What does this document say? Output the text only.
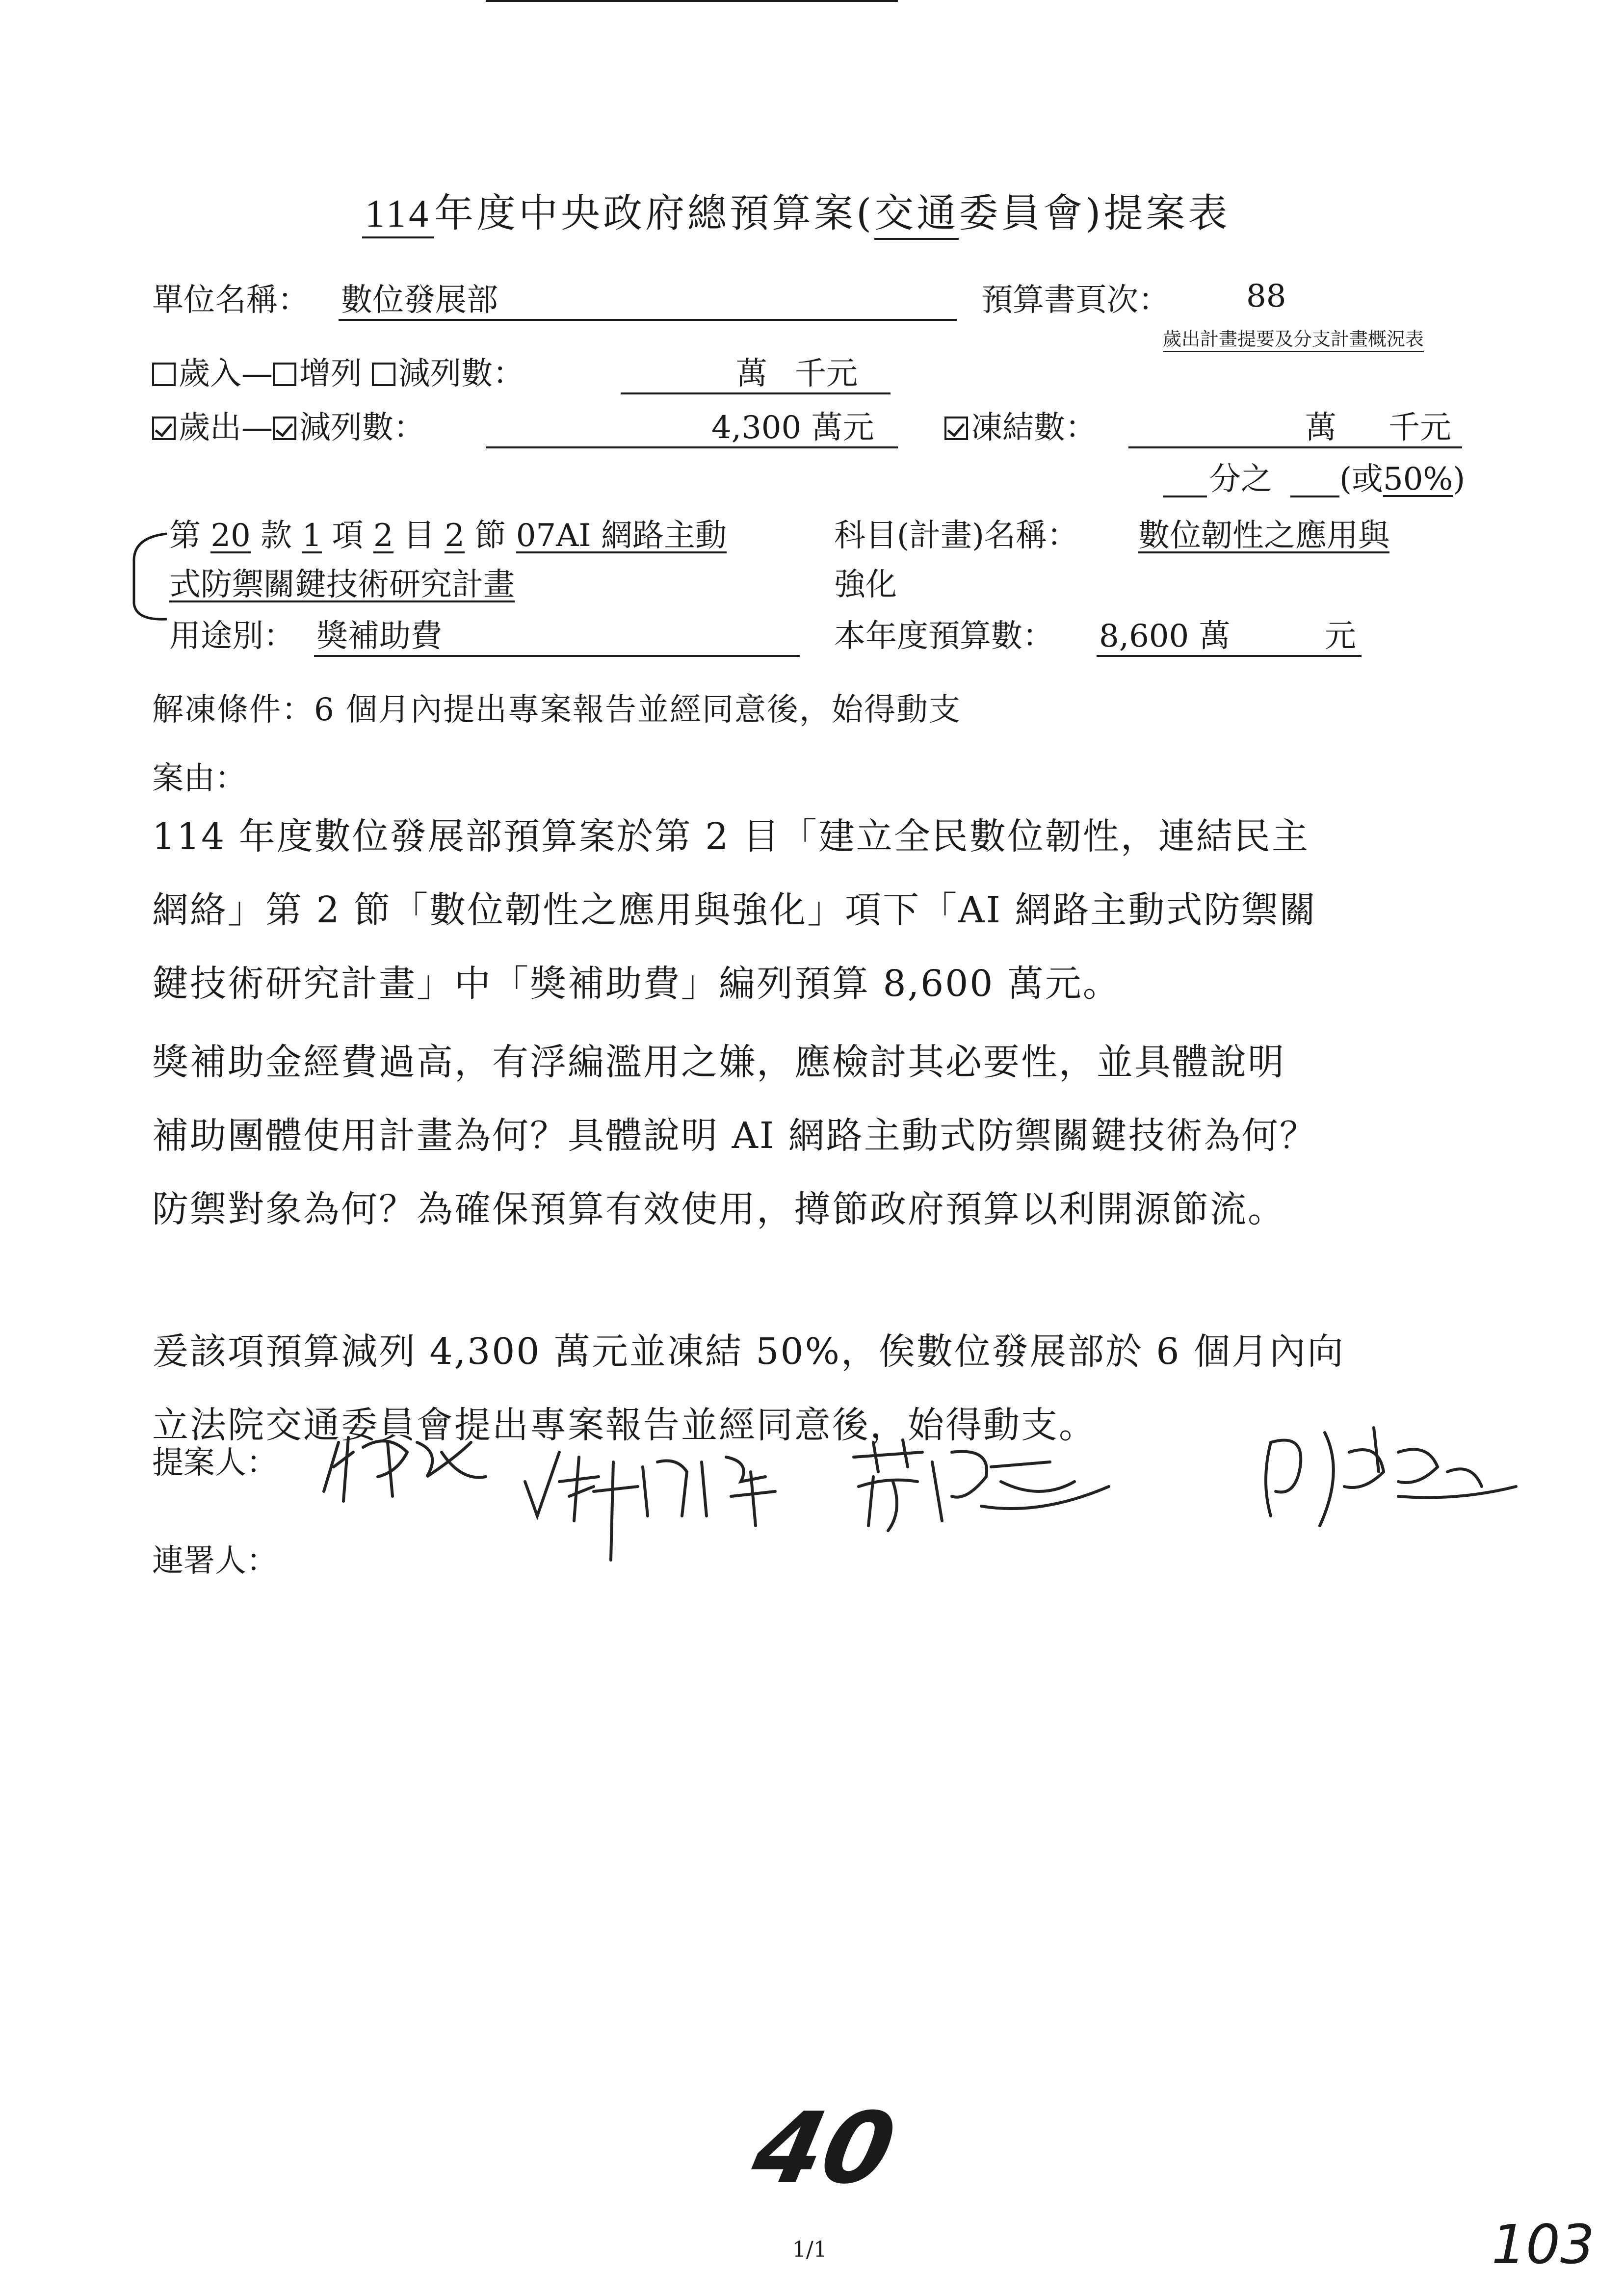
114年度中央政府總預算案(交通委員會)提案表
單位名稱： 數位發展部	預算書頁次： 88
歲出計畫提要及分支計畫概況表
歲入— 增列 減列數：	萬 千元
歲出— 減列數：	4,300 萬元	凍結數：	萬 千元
分之 (或50%)
第 20 款 1 項 2 目 2 節 07AI 網路主動
式防禦關鍵技術研究計畫
科目(計畫)名稱： 數位韌性之應用與
強化
用途別： 獎補助費	本年度預算數： 8,600 萬	元
解凍條件：6 個月內提出專案報告並經同意後，始得動支
案由：
114 年度數位發展部預算案於第 2 目「建立全民數位韌性，連結民主
網絡」第 2 節「數位韌性之應用與強化」項下「AI 網路主動式防禦關
鍵技術研究計畫」中「獎補助費」編列預算 8,600 萬元。
獎補助金經費過高，有浮編濫用之嫌，應檢討其必要性，並具體說明
補助團體使用計畫為何？具體說明 AI 網路主動式防禦關鍵技術為何？
防禦對象為何？為確保預算有效使用，撙節政府預算以利開源節流。
爰該項預算減列 4,300 萬元並凍結 50%，俟數位發展部於 6 個月內向
立法院交通委員會提出專案報告並經同意後，始得動支。
提案人：
連署人：
40
1/1	103
